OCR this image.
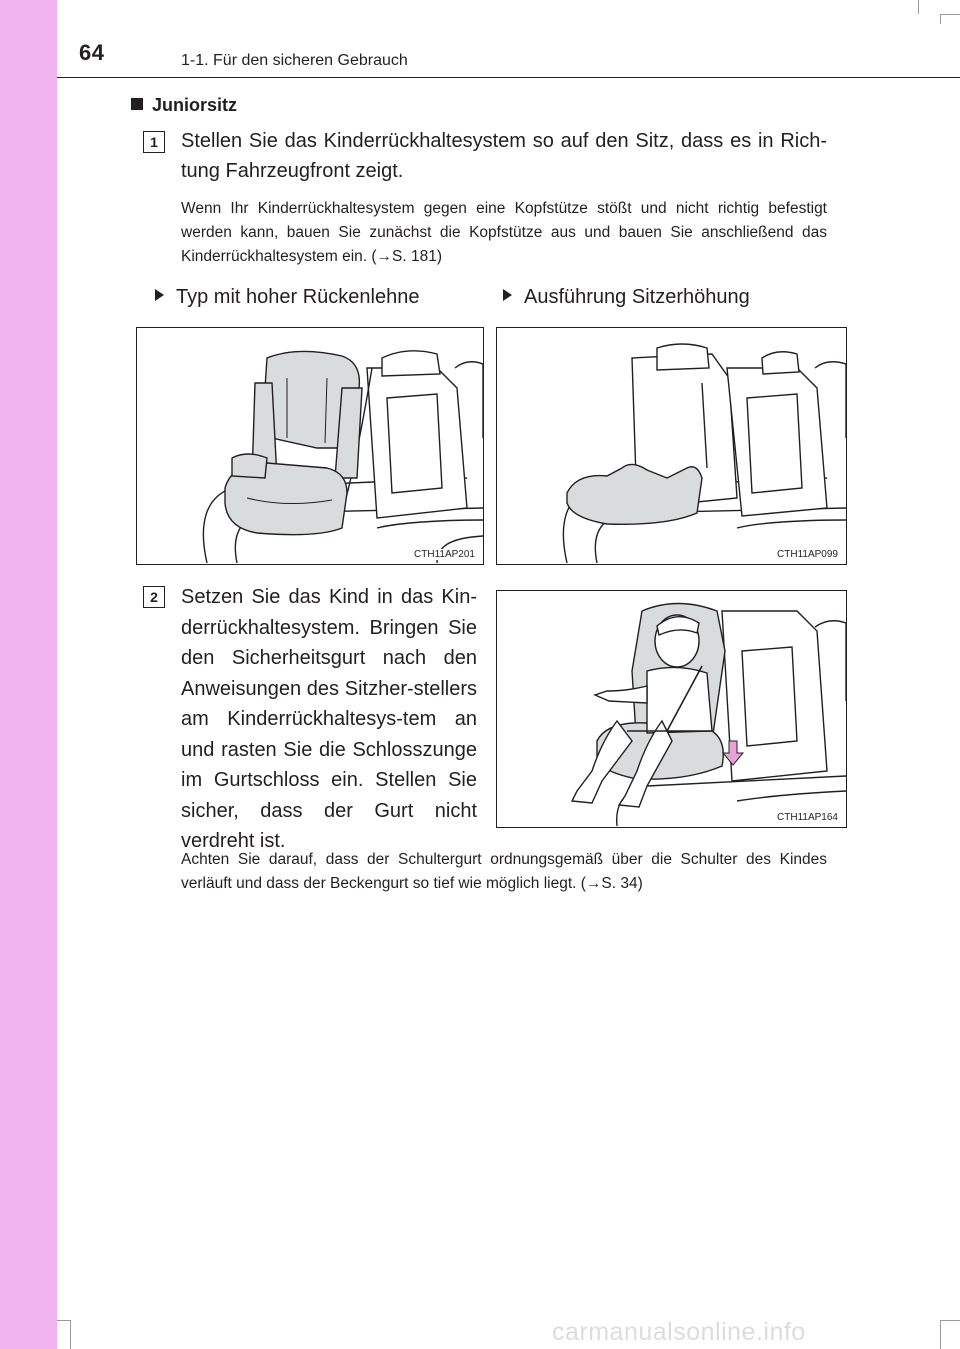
64	1-1. Für den sicheren Gebrauch
Juniorsitz
1	Stellen Sie das Kinderrückhaltesystem so auf den Sitz, dass es in Rich-tung Fahrzeugfront zeigt.
Wenn Ihr Kinderrückhaltesystem gegen eine Kopfstütze stößt und nicht richtig befestigt werden kann, bauen Sie zunächst die Kopfstütze aus und bauen Sie anschließend das Kinderrückhaltesystem ein. (→S. 181)
Typ mit hoher Rückenlehne	Ausführung Sitzerhöhung
CTH11AP201	CTH11AP099
2	Setzen Sie das Kind in das Kin-derrückhaltesystem. Bringen Sie den Sicherheitsgurt nach den Anweisungen des Sitzher-stellers am Kinderrückhaltesys-tem an und rasten Sie die Schlosszunge im Gurtschloss ein. Stellen Sie sicher, dass der Gurt nicht verdreht ist.
CTH11AP164
Achten Sie darauf, dass der Schultergurt ordnungsgemäß über die Schulter des Kindes verläuft und dass der Beckengurt so tief wie möglich liegt. (→S. 34)
carmanualsonline.info
